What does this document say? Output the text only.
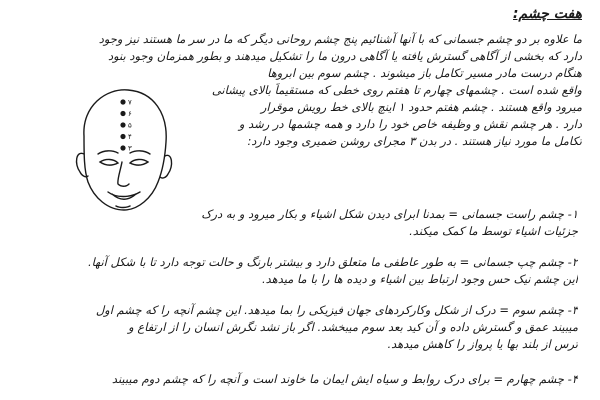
هفت چشم:
ما علاوه بر دو چشم جسمانی که با آنها آشنائیم پنج چشم روحانی دیگر که ما در سر ما هستند نیز وجود
دارد که بخشی از آگاهی گسترش یافته یا آگاهی درون ما را تشکیل میدهند و بطور همزمان وجود بنود
هنگام درست مادر مسیر تکامل باز میشوند . چشم سوم بین ابروها
واقع شده است . چشمهای چهارم تا هفتم روی خطی که مستقیماً بالای پیشانی
میرود واقع هستند . چشم هفتم حدود ۱ اینچ بالای خط رویش موقرار
دارد . هر چشم نقش و وظیفه خاص خود را دارد و همه چشمها در رشد و
تکامل ما مورد نیاز هستند . در بدن ۳ مجرای روشن ضمیری وجود دارد:
۱- چشم راست جسمانی = بمدنا ابرای دیدن شکل اشیاء و بکار میرود و به درک
جزئیات اشیاء توسط ما کمک میکند.
۲- چشم چپ جسمانی = به طور عاطفی ما متعلق دارد و بیشتر بارنگ و حالت توجه دارد تا با شکل آنها.
این چشم نیک حس وجود ارتباط بین اشیاء و دیده ها را با ما میدهد.
۳- چشم سوم = درک از شکل وکارکردهای جهان فیزیکی را بما میدهد. این چشم آنچه را که چشم اول
میبیند عمق و گسترش داده و آن کید بعد سوم میبخشد. اگر باز نشد نگرش انسان را از ارتفاع و
ترس از بلند بها یا پرواز را کاهش میدهد.
۴- چشم چهارم = برای درک روابط و سیاه ایش ایمان ما خاوند است و آنچه را که چشم دوم میبیند
۷
۶
۵
۴
۳
